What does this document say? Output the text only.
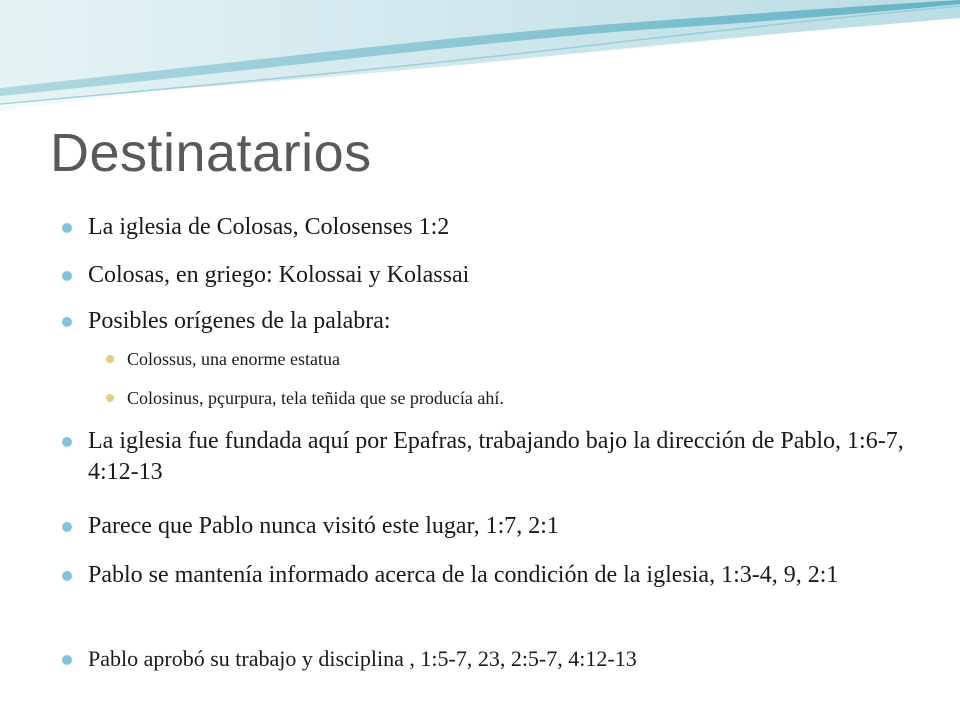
Destinatarios
La iglesia de Colosas, Colosenses 1:2
Colosas, en griego: Kolossai y Kolassai
Posibles orígenes de la palabra:
Colossus, una enorme estatua
Colosinus, pçurpura, tela teñida que se producía ahí.
La iglesia fue fundada aquí por Epafras, trabajando bajo la dirección de Pablo, 1:6-7, 4:12-13
Parece que Pablo nunca visitó este lugar, 1:7, 2:1
Pablo se mantenía informado acerca de la condición de la iglesia, 1:3-4, 9, 2:1
Pablo aprobó su trabajo y disciplina , 1:5-7, 23, 2:5-7, 4:12-13
